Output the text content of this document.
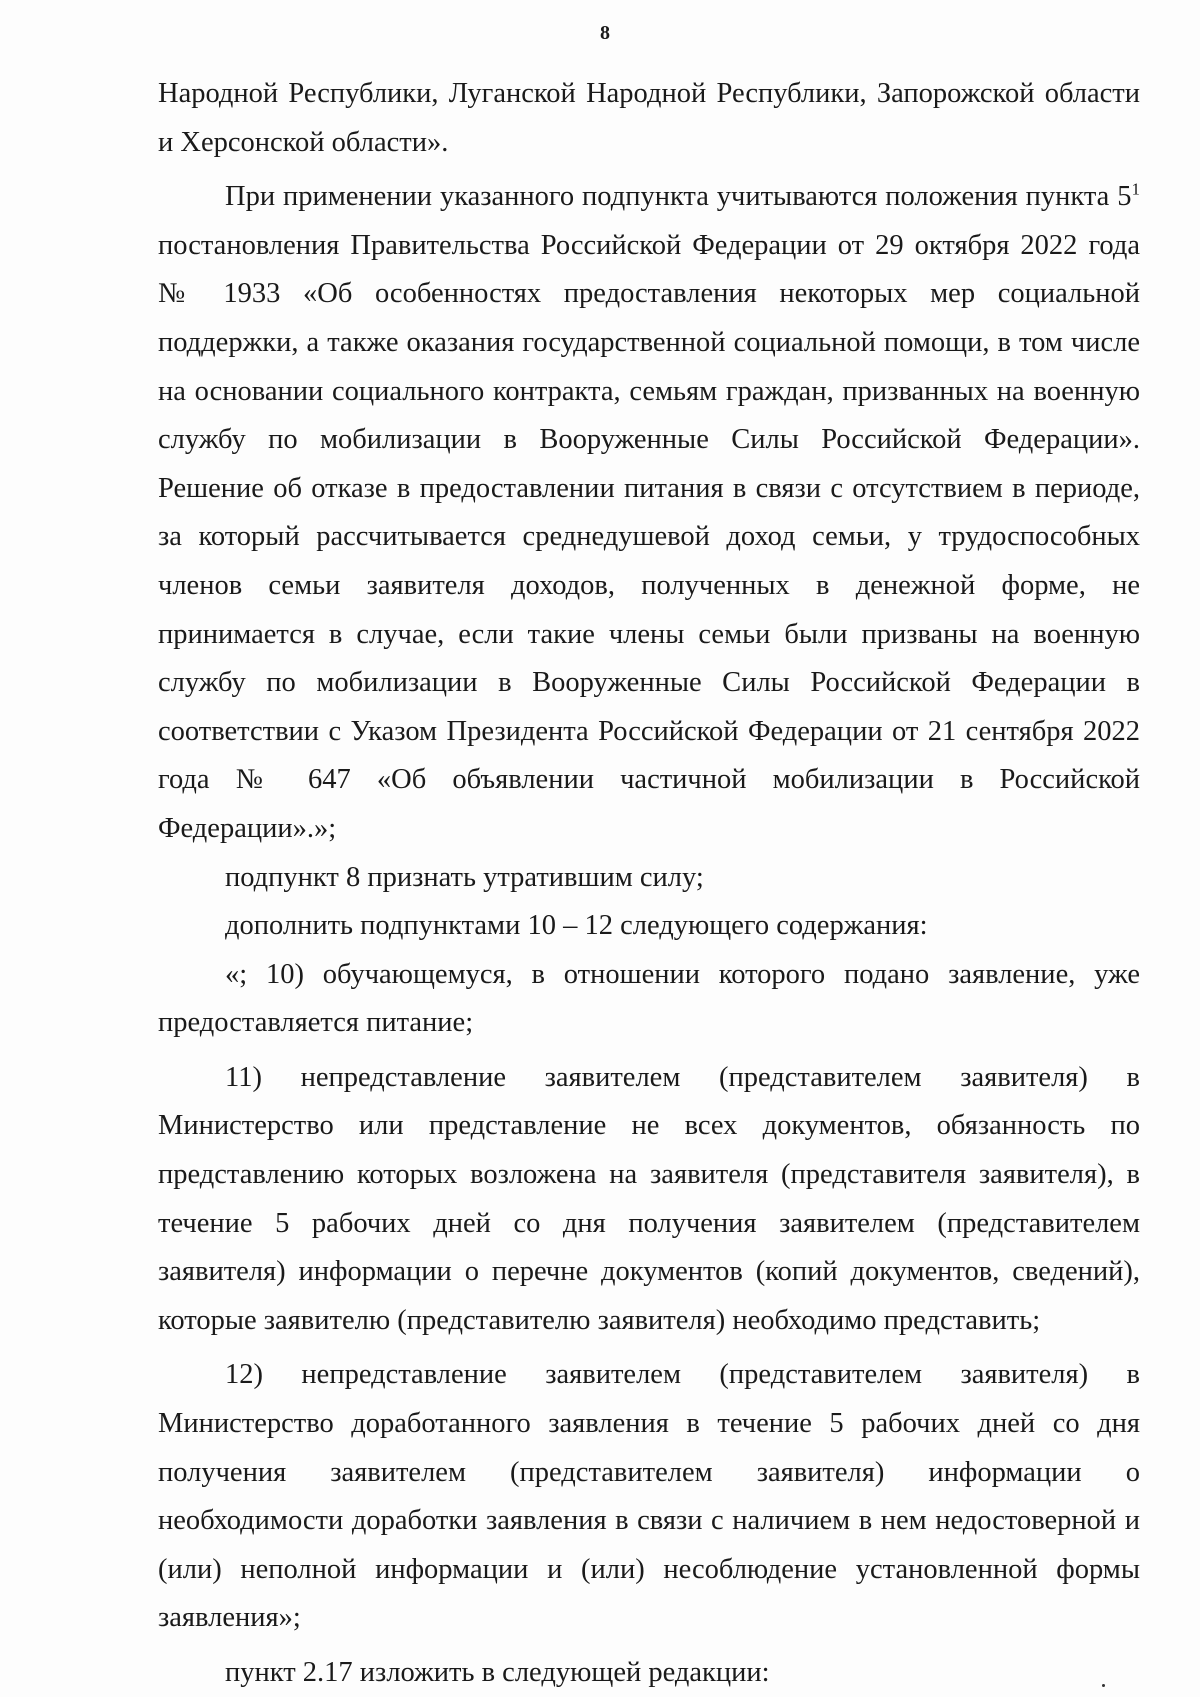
8

Народной Республики, Луганской Народной Республики, Запорожской области и Херсонской области».

При применении указанного подпункта учитываются положения пункта $5^1$ постановления Правительства Российской Федерации от 29 октября 2022 года № 1933 «Об особенностях предоставления некоторых мер социальной поддержки, а также оказания государственной социальной помощи, в том числе на основании социального контракта, семьям граждан, призванных на военную службу по мобилизации в Вооруженные Силы Российской Федерации». Решение об отказе в предоставлении питания в связи с отсутствием в периоде, за который рассчитывается среднедушевой доход семьи, у трудоспособных членов семьи заявителя доходов, полученных в денежной форме, не принимается в случае, если такие члены семьи были призваны на военную службу по мобилизации в Вооруженные Силы Российской Федерации в соответствии с Указом Президента Российской Федерации от 21 сентября 2022 года № 647 «Об объявлении частичной мобилизации в Российской Федерации».»;

подпункт 8 признать утратившим силу;

дополнить подпунктами 10 – 12 следующего содержания:

«; 10) обучающемуся, в отношении которого подано заявление, уже предоставляется питание;

11) непредставление заявителем (представителем заявителя) в Министерство или представление не всех документов, обязанность по представлению которых возложена на заявителя (представителя заявителя), в течение 5 рабочих дней со дня получения заявителем (представителем заявителя) информации о перечне документов (копий документов, сведений), которые заявителю (представителю заявителя) необходимо представить;

12) непредставление заявителем (представителем заявителя) в Министерство доработанного заявления в течение 5 рабочих дней со дня получения заявителем (представителем заявителя) информации о необходимости доработки заявления в связи с наличием в нем недостоверной и (или) неполной информации и (или) несоблюдение установленной формы заявления»;

пункт 2.17 изложить в следующей редакции:
